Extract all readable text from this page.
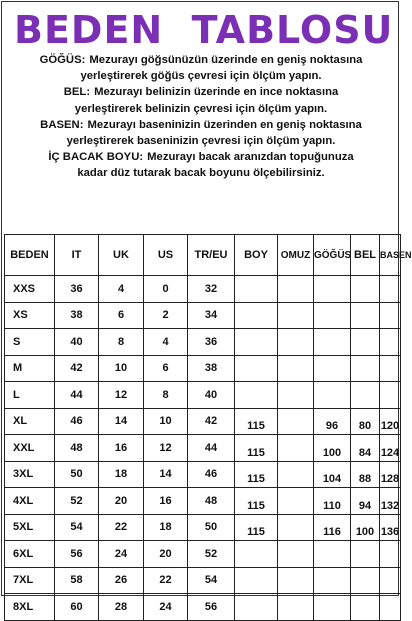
BEDEN  TABLOSU

GÖĞÜS: Mezurayı göğsünüzün üzerinde en geniş noktasına

yerleştirerek göğüs çevresi için ölçüm yapın.

BEL: Mezurayı belinizin üzerinde en ince noktasına

yerleştirerek belinizin çevresi için ölçüm yapın.

BASEN: Mezurayı baseninizin üzerinden en geniş noktasına

yerleştirerek baseninizin çevresi için ölçüm yapın.

İÇ BACAK BOYU: Mezurayı bacak aranızdan topuğunuza

kadar düz tutarak bacak boyunu ölçebilirsiniz.

BEDEN	IT	UK	US	TR/EU	BOY	OMUZ	GÖĞÜS	BEL	BASEN
XXS	36	4	0	32					
XS	38	6	2	34					
S	40	8	4	36					
M	42	10	6	38					
L	44	12	8	40					
XL	46	14	10	42	115		96	80	120
XXL	48	16	12	44	115		100	84	124
3XL	50	18	14	46	115		104	88	128
4XL	52	20	16	48	115		110	94	132
5XL	54	22	18	50	115		116	100	136
6XL	56	24	20	52					
7XL	58	26	22	54					
8XL	60	28	24	56					
